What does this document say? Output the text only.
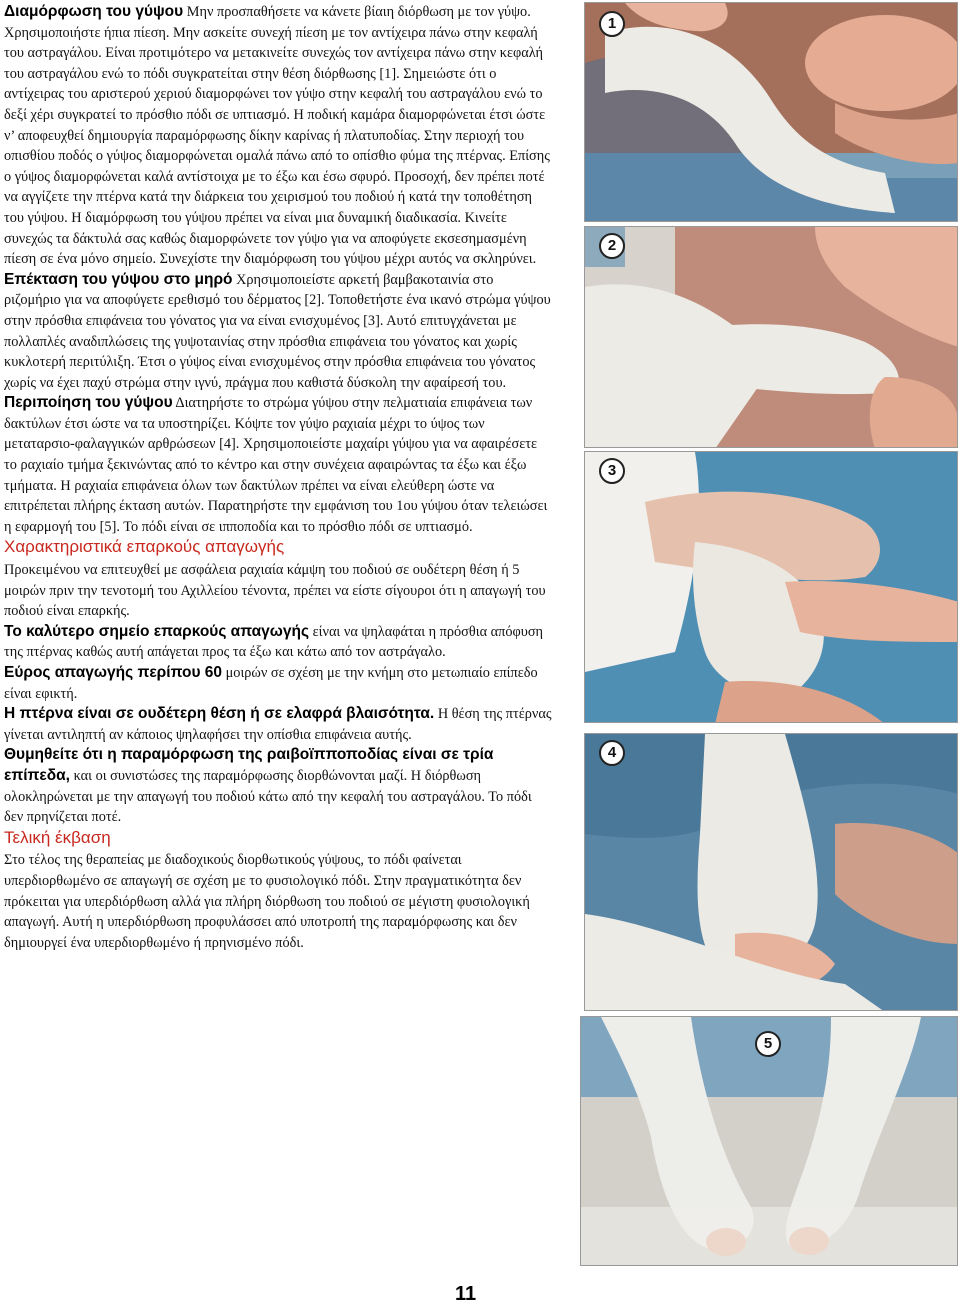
Διαμόρφωση του γύψου Μην προσπαθήσετε να κάνετε βίαιη διόρθωση με τον γύψο. Χρησιμοποιήστε ήπια πίεση. Μην ασκείτε συνεχή πίεση με τον αντίχειρα πάνω στην κεφαλή του αστραγάλου. Είναι προτιμότερο να μετακινείτε συνεχώς τον αντίχειρα πάνω στην κεφαλή του αστραγάλου ενώ το πόδι συγκρατείται στην θέση διόρθωσης [1]. Σημειώστε ότι ο αντίχειρας του αριστερού χεριού διαμορφώνει τον γύψο στην κεφαλή του αστραγάλου ενώ το δεξί χέρι συγκρατεί το πρόσθιο πόδι σε υπτιασμό. Η ποδική καμάρα διαμορφώνεται έτσι ώστε ν’ αποφευχθεί δημιουργία παραμόρφωσης δίκην καρίνας ή πλατυποδίας. Στην περιοχή του οπισθίου ποδός ο γύψος διαμορφώνεται ομαλά πάνω από το οπίσθιο φύμα της πτέρνας. Επίσης ο γύψος διαμορφώνεται καλά αντίστοιχα με το έξω και έσω σφυρό. Προσοχή, δεν πρέπει ποτέ να αγγίζετε την πτέρνα κατά την διάρκεια του χειρισμού του ποδιού ή κατά την τοποθέτηση του γύψου. Η διαμόρφωση του γύψου πρέπει να είναι μια δυναμική διαδικασία. Κινείτε συνεχώς τα δάκτυλά σας καθώς διαμορφώνετε τον γύψο για να αποφύγετε εκσεσημασμένη πίεση σε ένα μόνο σημείο. Συνεχίστε την διαμόρφωση του γύψου μέχρι αυτός να σκληρύνει.

Επέκταση του γύψου στο μηρό Χρησιμοποιείστε αρκετή βαμβακοταινία στο ριζομήριο για να αποφύγετε ερεθισμό του δέρματος [2]. Τοποθετήστε ένα ικανό στρώμα γύψου στην πρόσθια επιφάνεια του γόνατος για να είναι ενισχυμένος [3]. Αυτό επιτυγχάνεται με πολλαπλές αναδιπλώσεις της γυψοταινίας στην πρόσθια επιφάνεια του γόνατος και χωρίς κυκλοτερή περιτύλιξη. Έτσι ο γύψος είναι ενισχυμένος στην πρόσθια επιφάνεια του γόνατος χωρίς να έχει παχύ στρώμα στην ιγνύ, πράγμα που καθιστά δύσκολη την αφαίρεσή του.

Περιποίηση του γύψου Διατηρήστε το στρώμα γύψου στην πελματιαία επιφάνεια των δακτύλων έτσι ώστε να τα υποστηρίζει. Κόψτε τον γύψο ραχιαία μέχρι το ύψος των μεταταρσιο-φαλαγγικών αρθρώσεων [4]. Χρησιμοποιείστε μαχαίρι γύψου για να αφαιρέσετε το ραχιαίο τμήμα ξεκινώντας από το κέντρο και στην συνέχεια αφαιρώντας τα έξω και έξω τμήματα. Η ραχιαία επιφάνεια όλων των δακτύλων πρέπει να είναι ελεύθερη ώστε να επιτρέπεται πλήρης έκταση αυτών. Παρατηρήστε την εμφάνιση του 1ου γύψου όταν τελειώσει η εφαρμογή του [5]. Το πόδι είναι σε ιπποποδία και το πρόσθιο πόδι σε υπτιασμό.

Χαρακτηριστικά επαρκούς απαγωγής
Προκειμένου να επιτευχθεί με ασφάλεια ραχιαία κάμψη του ποδιού σε ουδέτερη θέση ή 5 μοιρών πριν την τενοτομή του Αχιλλείου τένοντα, πρέπει να είστε σίγουροι ότι η απαγωγή του ποδιού είναι επαρκής.

Το καλύτερο σημείο επαρκούς απαγωγής είναι να ψηλαφάται η πρόσθια απόφυση της πτέρνας καθώς αυτή απάγεται προς τα έξω και κάτω από τον αστράγαλο.

Εύρος απαγωγής περίπου 60 μοιρών σε σχέση με την κνήμη στο μετωπιαίο επίπεδο είναι εφικτή.

Η πτέρνα είναι σε ουδέτερη θέση ή σε ελαφρά βλαισότητα. Η θέση της πτέρνας γίνεται αντιληπτή αν κάποιος ψηλαφήσει την οπίσθια επιφάνεια αυτής.

Θυμηθείτε ότι η παραμόρφωση της ραιβοϊπποποδίας είναι σε τρία επίπεδα, και οι συνιστώσες της παραμόρφωσης διορθώνονται μαζί. Η διόρθωση ολοκληρώνεται με την απαγωγή του ποδιού κάτω από την κεφαλή του αστραγάλου. Το πόδι δεν πρηνίζεται ποτέ.

Τελική έκβαση
Στο τέλος της θεραπείας με διαδοχικούς διορθωτικούς γύψους, το πόδι φαίνεται υπερδιορθωμένο σε απαγωγή σε σχέση με το φυσιολογικό πόδι. Στην πραγματικότητα δεν πρόκειται για υπερδιόρθωση αλλά για πλήρη διόρθωση του ποδιού σε μέγιστη φυσιολογική απαγωγή. Αυτή η υπερδιόρθωση προφυλάσσει από υποτροπή της παραμόρφωσης και δεν δημιουργεί ένα υπερδιορθωμένο ή πρηνισμένο πόδι.

1
2
3
4
5
11
